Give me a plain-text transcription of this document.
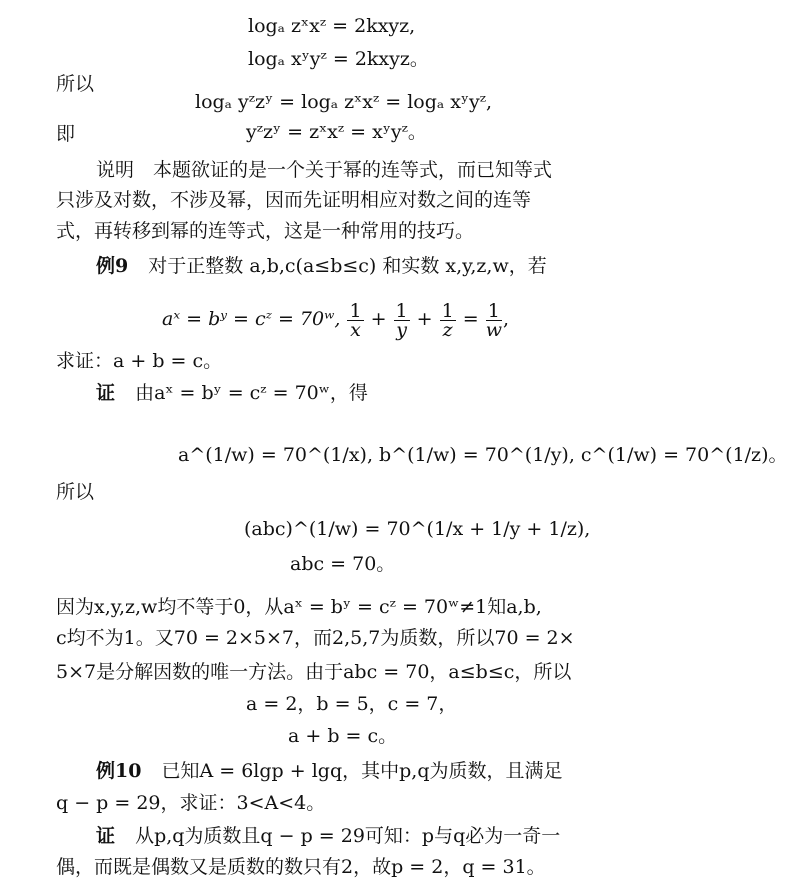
logₐ zˣxᶻ = 2kxyz,
logₐ xʸyᶻ = 2kxyz。
所以
logₐ yᶻzʸ = logₐ zˣxᶻ = logₐ xʸyᶻ,
即	yᶻzʸ = zˣxᶻ = xʸyᶻ。
说明　本题欲证的是一个关于幂的连等式，而已知等式
只涉及对数，不涉及幂，因而先证明相应对数之间的连等
式，再转移到幂的连等式，这是一种常用的技巧。
例9 对于正整数 a,b,c(a≤b≤c) 和实数 x,y,z,w，若
aˣ = bʸ = cᶻ = 70ʷ, $\frac{1}{x} + \frac{1}{y} + \frac{1}{z} = \frac{1}{w}$ ,
求证：a + b = c。
证 由aˣ = bʸ = cᶻ = 70ʷ，得
a^(1/w) = 70^(1/x), b^(1/w) = 70^(1/y), c^(1/w) = 70^(1/z)。
所以
(abc)^(1/w) = 70^(1/x + 1/y + 1/z),
abc = 70。
因为x,y,z,w均不等于0，从aˣ = bʸ = cᶻ = 70ʷ≠1知a,b,
c均不为1。又70 = 2×5×7，而2,5,7为质数，所以70 = 2×
5×7是分解因数的唯一方法。由于abc = 70，a≤b≤c，所以
a = 2，b = 5，c = 7，
a + b = c。
例10 已知A = 6lgp + lgq，其中p,q为质数，且满足
q − p = 29，求证：3<A<4。
证 从p,q为质数且q − p = 29可知：p与q必为一奇一
偶，而既是偶数又是质数的数只有2，故p = 2，q = 31。
